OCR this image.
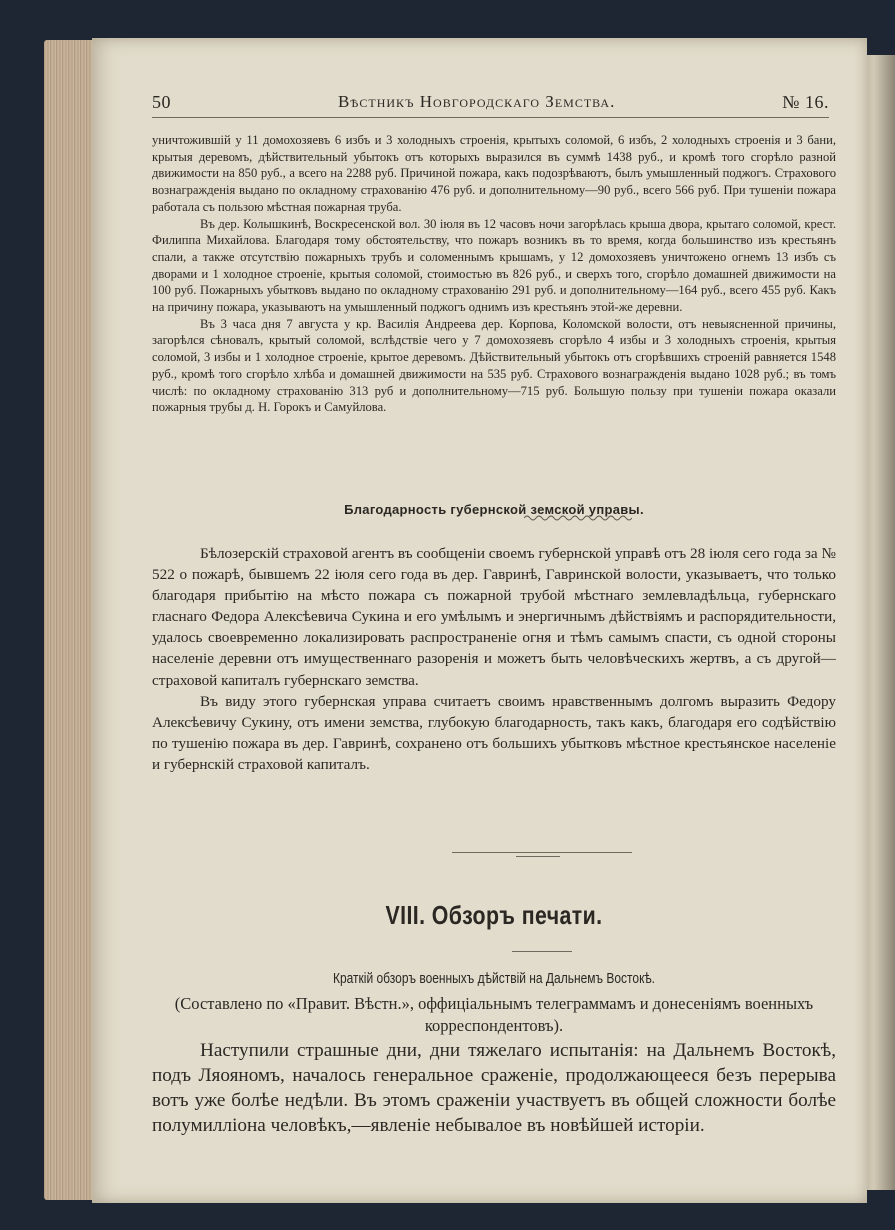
50	Вѣстникъ Новгородскаго Земства.	№ 16.

уничтожившій у 11 домохозяевъ 6 избъ и 3 холодныхъ строенія, крытыхъ соломой, 6 избъ, 2 холодныхъ строенія и 3 бани, крытыя деревомъ, дѣйствительный убытокъ отъ которыхъ выразился въ суммѣ 1438 руб., и кромѣ того сгорѣло разной движимости на 850 руб., а всего на 2288 руб. Причиной пожара, какъ подозрѣваютъ, былъ умышленный поджогъ. Страхового вознагражденія выдано по окладному страхованію 476 руб. и дополнительному—90 руб., всего 566 руб. При тушеніи пожара работала съ пользою мѣстная пожарная труба.

Въ дер. Колышкинѣ, Воскресенской вол. 30 іюля въ 12 часовъ ночи загорѣлась крыша двора, крытаго соломой, крест. Филиппа Михайлова. Благодаря тому обстоятельству, что пожаръ возникъ въ то время, когда большинство изъ крестьянъ спали, а также отсутствію пожарныхъ трубъ и соломеннымъ крышамъ, у 12 домохозяевъ уничтожено огнемъ 13 избъ съ дворами и 1 холодное строеніе, крытыя соломой, стоимостью въ 826 руб., и сверхъ того, сгорѣло домашней движимости на 100 руб. Пожарныхъ убытковъ выдано по окладному страхованію 291 руб. и дополнительному—164 руб., всего 455 руб. Какъ на причину пожара, указываютъ на умышленный поджогъ однимъ изъ крестьянъ этой-же деревни.

Въ 3 часа дня 7 августа у кр. Василія Андреева дер. Корпова, Коломской волости, отъ невыясненной причины, загорѣлся сѣновалъ, крытый соломой, вслѣдствіе чего у 7 домохозяевъ сгорѣло 4 избы и 3 холодныхъ строенія, крытыя соломой, 3 избы и 1 холодное строеніе, крытое деревомъ. Дѣйствительный убытокъ отъ сгорѣвшихъ строеній равняется 1548 руб., кромѣ того сгорѣло хлѣба и домашней движимости на 535 руб. Страхового вознагражденія выдано 1028 руб.; въ томъ числѣ: по окладному страхованію 313 руб и дополнительному—715 руб. Большую пользу при тушеніи пожара оказали пожарныя трубы д. Н. Горокъ и Самуйлова.

Благодарность губернской земской управы.

Бѣлозерскій страховой агентъ въ сообщеніи своемъ губернской управѣ отъ 28 іюля сего года за № 522 о пожарѣ, бывшемъ 22 іюля сего года въ дер. Гавринѣ, Гавринской волости, указываетъ, что только благодаря прибытію на мѣсто пожара съ пожарной трубой мѣстнаго землевладѣльца, губернскаго гласнаго Федора Алексѣевича Сукина и его умѣлымъ и энергичнымъ дѣйствіямъ и распорядительности, удалось своевременно локализировать распространеніе огня и тѣмъ самымъ спасти, съ одной стороны населеніе деревни отъ имущественнаго разоренія и можетъ быть человѣческихъ жертвъ, а съ другой—страховой капиталъ губернскаго земства.

Въ виду этого губернская управа считаетъ своимъ нравственнымъ долгомъ выразить Федору Алексѣевичу Сукину, отъ имени земства, глубокую благодарность, такъ какъ, благодаря его содѣйствію по тушенію пожара въ дер. Гавринѣ, сохранено отъ большихъ убытковъ мѣстное крестьянское населеніе и губернскій страховой капиталъ.

VIII. Обзоръ печати.
Краткій обзоръ военныхъ дѣйствій на Дальнемъ Востокѣ.
(Составлено по «Правит. Вѣстн.», оффиціальнымъ телеграммамъ и донесеніямъ военныхъ корреспондентовъ).

Наступили страшные дни, дни тяжелаго испытанія: на Дальнемъ Востокѣ, подъ Ляояномъ, началось генеральное сраженіе, продолжающееся безъ перерыва вотъ уже болѣе недѣли. Въ этомъ сраженіи участвуетъ въ общей сложности болѣе полумилліона человѣкъ,—явленіе небывалое въ новѣйшей исторіи.
